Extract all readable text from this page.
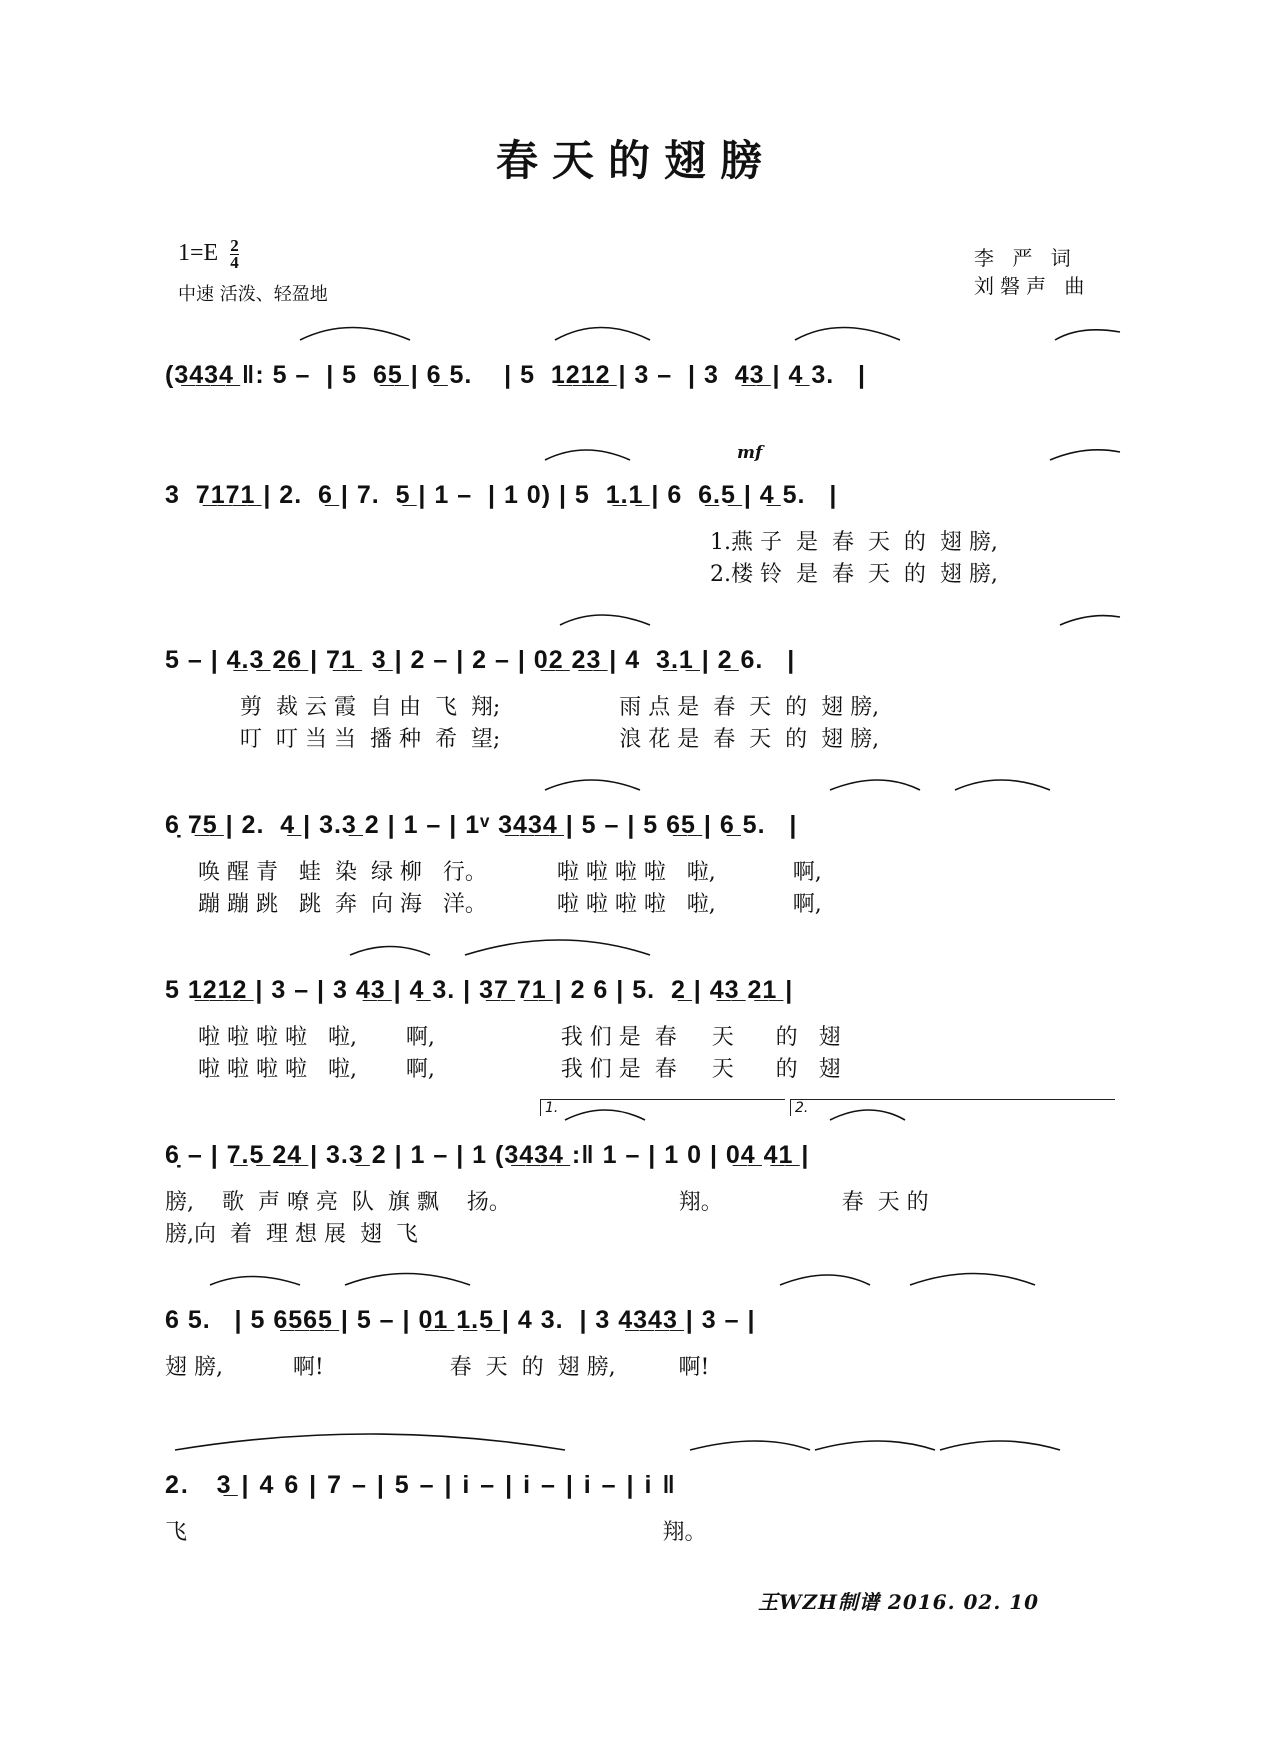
春天的翅膀
$1=E \frac{2}{4}$
中速 活泼、轻盈地
李 严 词
刘磐声 曲
(3̲4̲3̲4̲ ‖: 5 –  | 5  6̲5̲ | 6̲ 5.    | 5  1̲2̲1̲2̲ | 3 –  | 3  4̲3̲ | 4̲ 3.   |
mf
3  7̲1̲7̲1̲ | 2.  6̲ | 7.  5̲ | 1 –  | 1 0) | 5  1̲.1̲ | 6  6̲.5̲ | 4̲ 5.   |
1.燕 子  是  春  天  的  翅 膀,
2.楼 铃  是  春  天  的  翅 膀,
5 – | 4̲.3̲ 2̲6̲ | 7̲1̲  3̲ | 2 – | 2 – | 0̲2̲ 2̲3̲ | 4  3̲.1̲ | 2̲ 6.   |
剪  裁 云 霞  自 由  飞  翔;                 雨 点 是  春  天  的  翅 膀,
叮  叮 当 当  播 种  希  望;                 浪 花 是  春  天  的  翅 膀,
6̣ 7̲5̲ | 2.  4̲ | 3.3̲ 2 | 1 – | 1ᵛ 3̲4̲3̲4̲ | 5 – | 5 6̲5̲ | 6̲ 5.   |
唤 醒 青   蛙  染  绿 柳   行。          啦 啦 啦 啦   啦,           啊,
蹦 蹦 跳   跳  奔  向 海   洋。          啦 啦 啦 啦   啦,           啊,
5 1̲2̲1̲2̲ | 3 – | 3 4̲3̲ | 4̲ 3. | 3̲7̲ 7̲1̲ | 2 6 | 5.  2̲ | 4̲3̲ 2̲1̲ |
啦 啦 啦 啦   啦,       啊,                  我 们 是  春     天      的   翅
啦 啦 啦 啦   啦,       啊,                  我 们 是  春     天      的   翅
1.	2.
6̣ – | 7̲.5̲ 2̲4̲ | 3.3̲ 2 | 1 – | 1 (3̲4̲3̲4̲ :‖ 1 – | 1 0 | 0̲4̲ 4̲1̲ |
膀,    歌  声 嘹 亮  队  旗 飘    扬。                        翔。                 春  天 的
膀,向  着  理 想 展  翅  飞
6 5.   | 5 6̲5̲6̲5̲ | 5 – | 0̲1̲ 1̲.5̲ | 4 3.  | 3 4̲3̲4̲3̲ | 3 – |
翅 膀,          啊!                  春  天  的  翅 膀,         啊!
2.   3̲ | 4 6 | 7 – | 5 – | i – | i – | i – | i ‖
飞                                                                    翔。
王WZH制谱 2016. 02. 10
